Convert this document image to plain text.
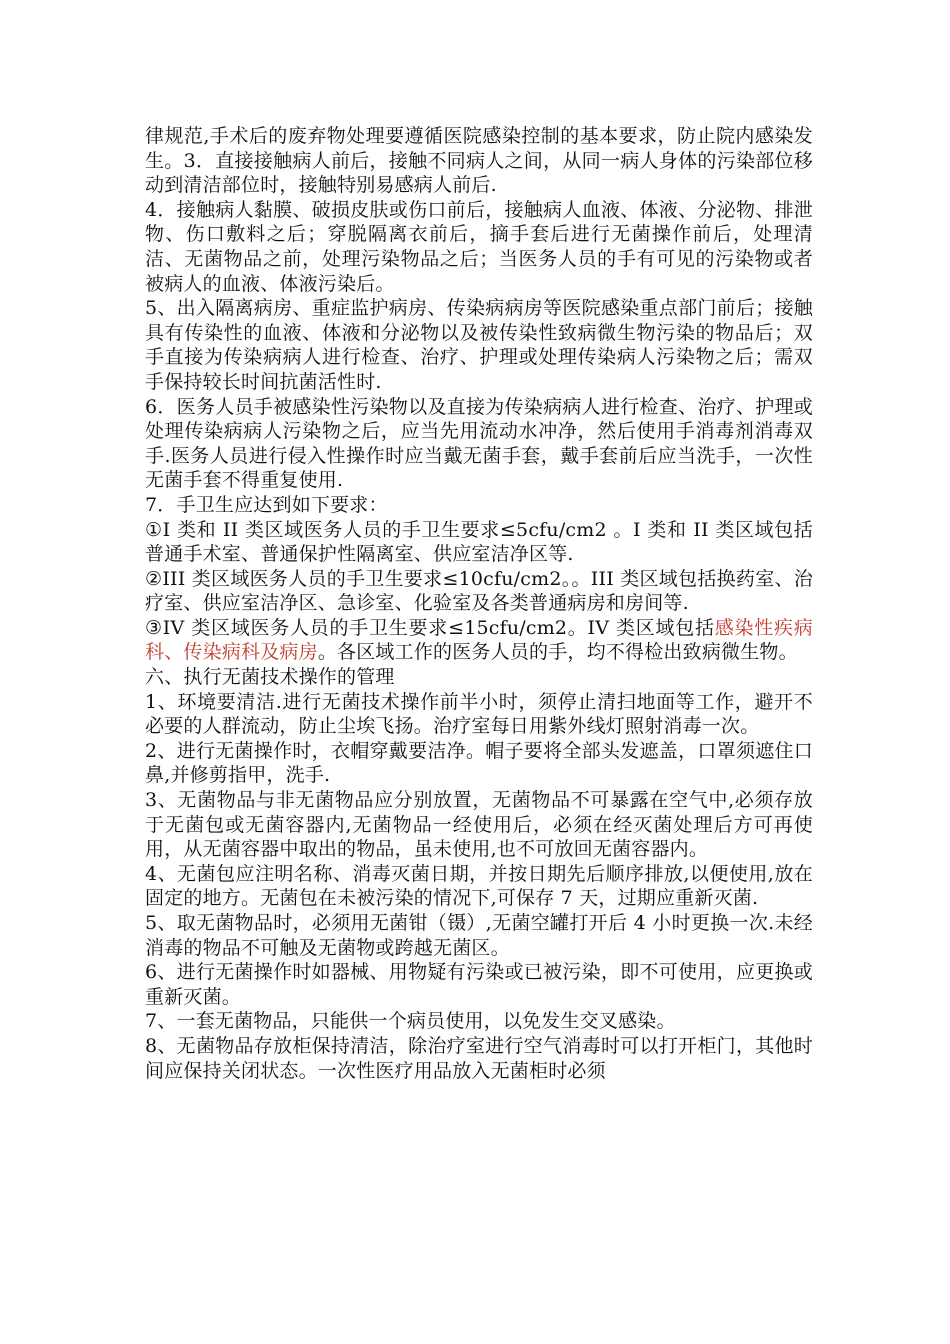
律规范,手术后的废弃物处理要遵循医院感染控制的基本要求，防止院内感染发生。3．直接接触病人前后，接触不同病人之间，从同一病人身体的污染部位移动到清洁部位时，接触特别易感病人前后.

4．接触病人黏膜、破损皮肤或伤口前后，接触病人血液、体液、分泌物、排泄物、伤口敷料之后；穿脱隔离衣前后，摘手套后进行无菌操作前后，处理清洁、无菌物品之前，处理污染物品之后；当医务人员的手有可见的污染物或者被病人的血液、体液污染后。

5、出入隔离病房、重症监护病房、传染病病房等医院感染重点部门前后；接触具有传染性的血液、体液和分泌物以及被传染性致病微生物污染的物品后；双手直接为传染病病人进行检查、治疗、护理或处理传染病人污染物之后；需双手保持较长时间抗菌活性时.

6．医务人员手被感染性污染物以及直接为传染病病人进行检查、治疗、护理或处理传染病病人污染物之后，应当先用流动水冲净，然后使用手消毒剂消毒双手.医务人员进行侵入性操作时应当戴无菌手套，戴手套前后应当洗手，一次性无菌手套不得重复使用.

7．手卫生应达到如下要求：

①I 类和 II 类区域医务人员的手卫生要求≤5cfu/cm2 。I 类和 II 类区域包括普通手术室、普通保护性隔离室、供应室洁净区等.

②III 类区域医务人员的手卫生要求≤10cfu/cm2。。III 类区域包括换药室、治疗室、供应室洁净区、急诊室、化验室及各类普通病房和房间等.

③IV 类区域医务人员的手卫生要求≤15cfu/cm2。IV 类区域包括感染性疾病科、传染病科及病房。各区域工作的医务人员的手，均不得检出致病微生物。

六、执行无菌技术操作的管理

1、环境要清洁.进行无菌技术操作前半小时，须停止清扫地面等工作，避开不必要的人群流动，防止尘埃飞扬。治疗室每日用紫外线灯照射消毒一次。

2、进行无菌操作时，衣帽穿戴要洁净。帽子要将全部头发遮盖，口罩须遮住口鼻,并修剪指甲，洗手.

3、无菌物品与非无菌物品应分别放置，无菌物品不可暴露在空气中,必须存放于无菌包或无菌容器内,无菌物品一经使用后，必须在经灭菌处理后方可再使用，从无菌容器中取出的物品，虽未使用,也不可放回无菌容器内。

4、无菌包应注明名称、消毒灭菌日期，并按日期先后顺序排放,以便使用,放在固定的地方。无菌包在未被污染的情况下,可保存 7 天，过期应重新灭菌.

5、取无菌物品时，必须用无菌钳（镊）,无菌空罐打开后 4 小时更换一次.未经消毒的物品不可触及无菌物或跨越无菌区。

6、进行无菌操作时如器械、用物疑有污染或已被污染，即不可使用，应更换或重新灭菌。

7、一套无菌物品，只能供一个病员使用，以免发生交叉感染。

8、无菌物品存放柜保持清洁，除治疗室进行空气消毒时可以打开柜门，其他时间应保持关闭状态。一次性医疗用品放入无菌柜时必须
